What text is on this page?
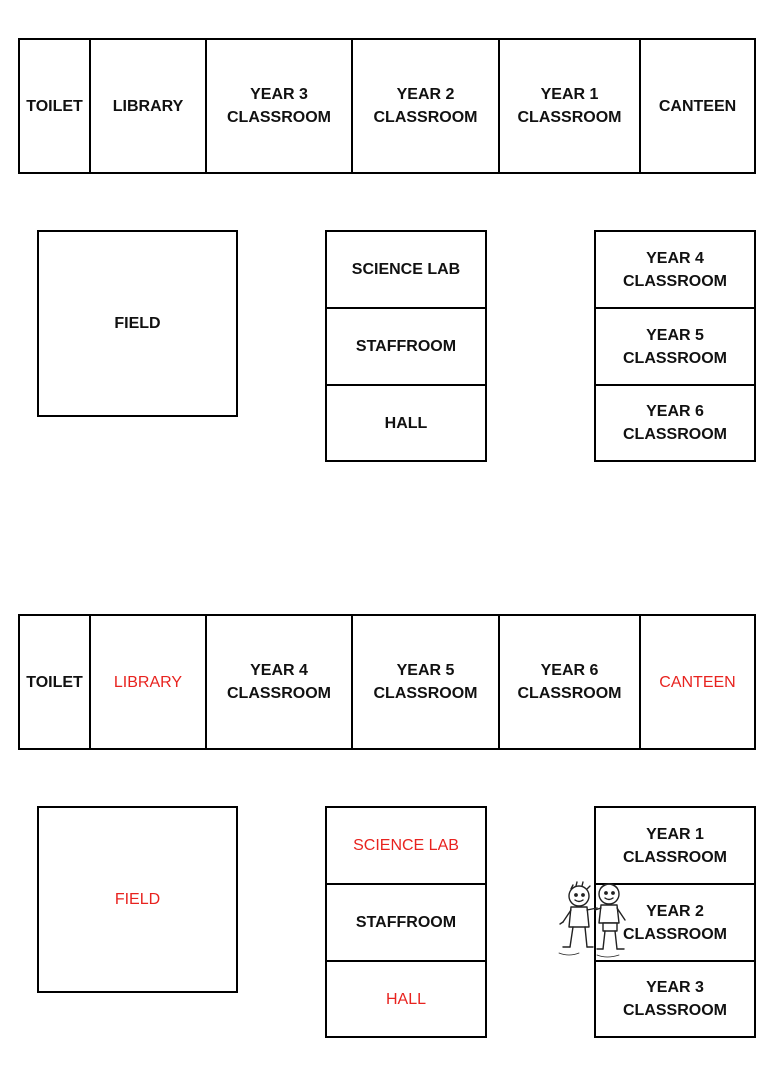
TOILET LIBRARY
YEAR 3
CLASSROOM
YEAR 2
CLASSROOM
YEAR 1
CLASSROOM
CANTEEN
FIELD
SCIENCE LAB
STAFFROOM
HALL
YEAR 4
CLASSROOM
YEAR 5
CLASSROOM
YEAR 6
CLASSROOM
TOILET LIBRARY
YEAR 4
CLASSROOM
YEAR 5
CLASSROOM
YEAR 6
CLASSROOM
CANTEEN
FIELD
SCIENCE LAB
STAFFROOM
HALL
YEAR 1
CLASSROOM
YEAR 2
CLASSROOM
YEAR 3
CLASSROOM
